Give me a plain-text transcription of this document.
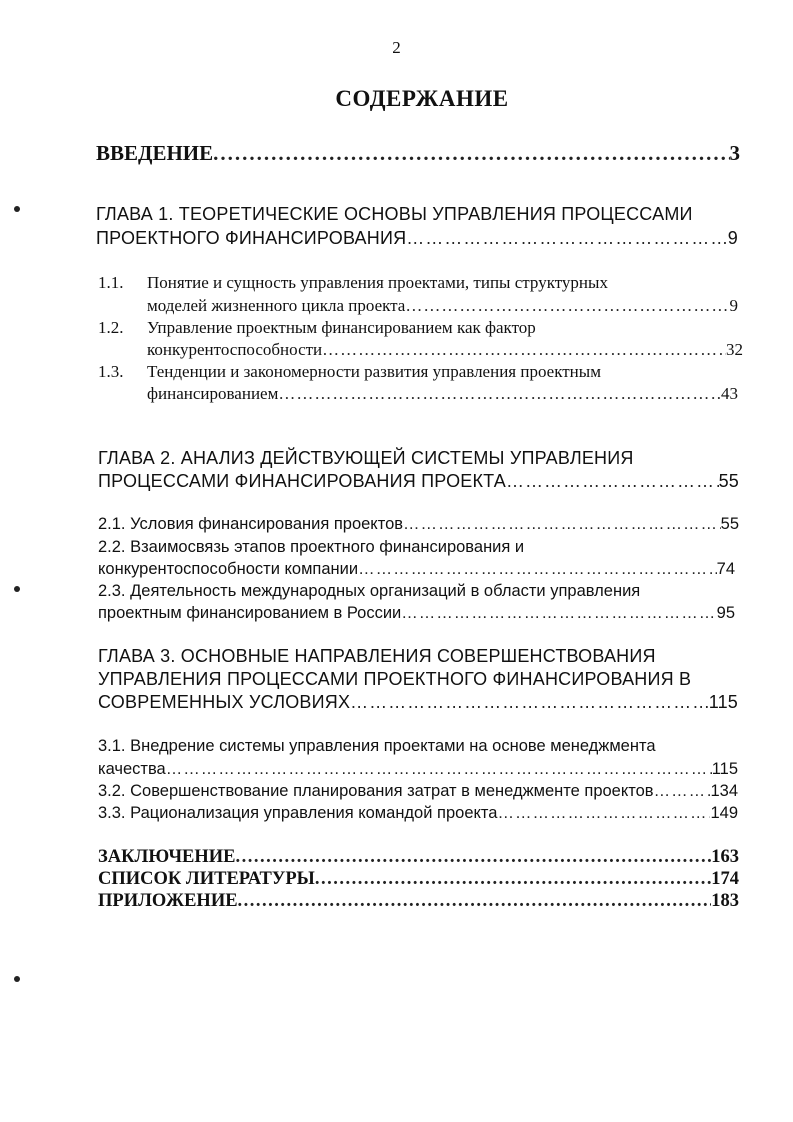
2
СОДЕРЖАНИЕ
ВВЕДЕНИЕ .....	3
ГЛАВА 1. ТЕОРЕТИЧЕСКИЕ ОСНОВЫ УПРАВЛЕНИЯ ПРОЦЕССАМИ
ПРОЕКТНОГО ФИНАНСИРОВАНИЯ ………………………………………………………………………………………………………………………………………………………………	9
1.1. Понятие и сущность управления проектами, типы структурных
моделей жизненного цикла проекта ………………………………………………………………………………………………………………………………………………………………	9
1.2. Управление проектным финансированием как фактор
конкурентоспособности ………………………………………………………………………………………………………………………………………………………………	32
1.3. Тенденции и закономерности развития управления проектным
финансированием ………………………………………………………………………………………………………………………………………………………………	43
ГЛАВА 2. АНАЛИЗ ДЕЙСТВУЮЩЕЙ СИСТЕМЫ УПРАВЛЕНИЯ
ПРОЦЕССАМИ ФИНАНСИРОВАНИЯ ПРОЕКТА ………………………………………………………………………………………………………………………………………………………………	55
2.1. Условия финансирования проектов ………………………………………………………………………………………………………………………………………………………………	55
2.2. Взаимосвязь этапов проектного финансирования и
конкурентоспособности компании ………………………………………………………………………………………………………………………………………………………………	74
2.3. Деятельность международных организаций в области управления
проектным финансированием в России ………………………………………………………………………………………………………………………………………………………………	95
ГЛАВА 3. ОСНОВНЫЕ НАПРАВЛЕНИЯ СОВЕРШЕНСТВОВАНИЯ
УПРАВЛЕНИЯ ПРОЦЕССАМИ ПРОЕКТНОГО ФИНАНСИРОВАНИЯ В
СОВРЕМЕННЫХ УСЛОВИЯХ ………………………………………………………………………………………………………………………………………………………………	115
3.1. Внедрение системы управления проектами на основе менеджмента
качества ………………………………………………………………………………………………………………………………………………………………	115
3.2. Совершенствование планирования затрат в менеджменте проектов ………………………………………………………………………………………………………………………………………………………………	134
3.3. Рационализация управления командой проекта ………………………………………………………………………………………………………………………………………………………………	149
ЗАКЛЮЧЕНИЕ .....	163
СПИСОК ЛИТЕРАТУРЫ .....	174
ПРИЛОЖЕНИЕ .....	183
